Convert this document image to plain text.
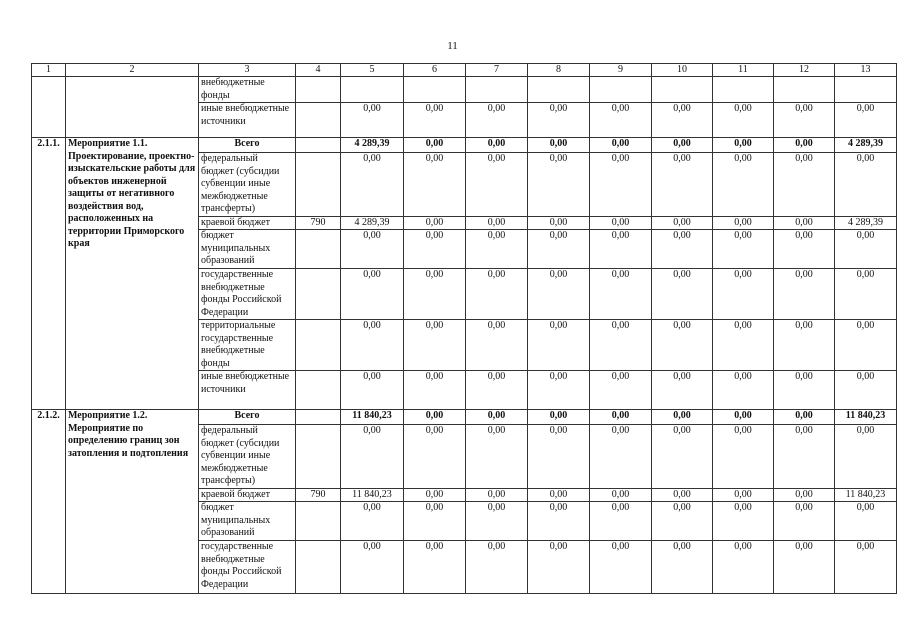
11
1	2	3	4	5	6	7	8	9	10	11	12	13
		внебюджетные фонды										
		иные внебюджетные источники		0,00	0,00	0,00	0,00	0,00	0,00	0,00	0,00	0,00
2.1.1.	Мероприятие 1.1. Проектирование, проектно-изыскательские работы для объектов инженерной защиты от негативного воздействия вод, расположенных на территории Приморского края	Всего		4 289,39	0,00	0,00	0,00	0,00	0,00	0,00	0,00	4 289,39
		федеральный бюджет (субсидии субвенции иные межбюджетные трансферты)		0,00	0,00	0,00	0,00	0,00	0,00	0,00	0,00	0,00
		краевой бюджет	790	4 289,39	0,00	0,00	0,00	0,00	0,00	0,00	0,00	4 289,39
		бюджет муниципальных образований		0,00	0,00	0,00	0,00	0,00	0,00	0,00	0,00	0,00
		государственные внебюджетные фонды Российской Федерации		0,00	0,00	0,00	0,00	0,00	0,00	0,00	0,00	0,00
		территориальные государственные внебюджетные фонды		0,00	0,00	0,00	0,00	0,00	0,00	0,00	0,00	0,00
		иные внебюджетные источники		0,00	0,00	0,00	0,00	0,00	0,00	0,00	0,00	0,00
2.1.2.	Мероприятие 1.2. Мероприятие по определению границ зон затопления и подтопления	Всего		11 840,23	0,00	0,00	0,00	0,00	0,00	0,00	0,00	11 840,23
		федеральный бюджет (субсидии субвенции иные межбюджетные трансферты)		0,00	0,00	0,00	0,00	0,00	0,00	0,00	0,00	0,00
		краевой бюджет	790	11 840,23	0,00	0,00	0,00	0,00	0,00	0,00	0,00	11 840,23
		бюджет муниципальных образований		0,00	0,00	0,00	0,00	0,00	0,00	0,00	0,00	0,00
		государственные внебюджетные фонды Российской Федерации		0,00	0,00	0,00	0,00	0,00	0,00	0,00	0,00	0,00
